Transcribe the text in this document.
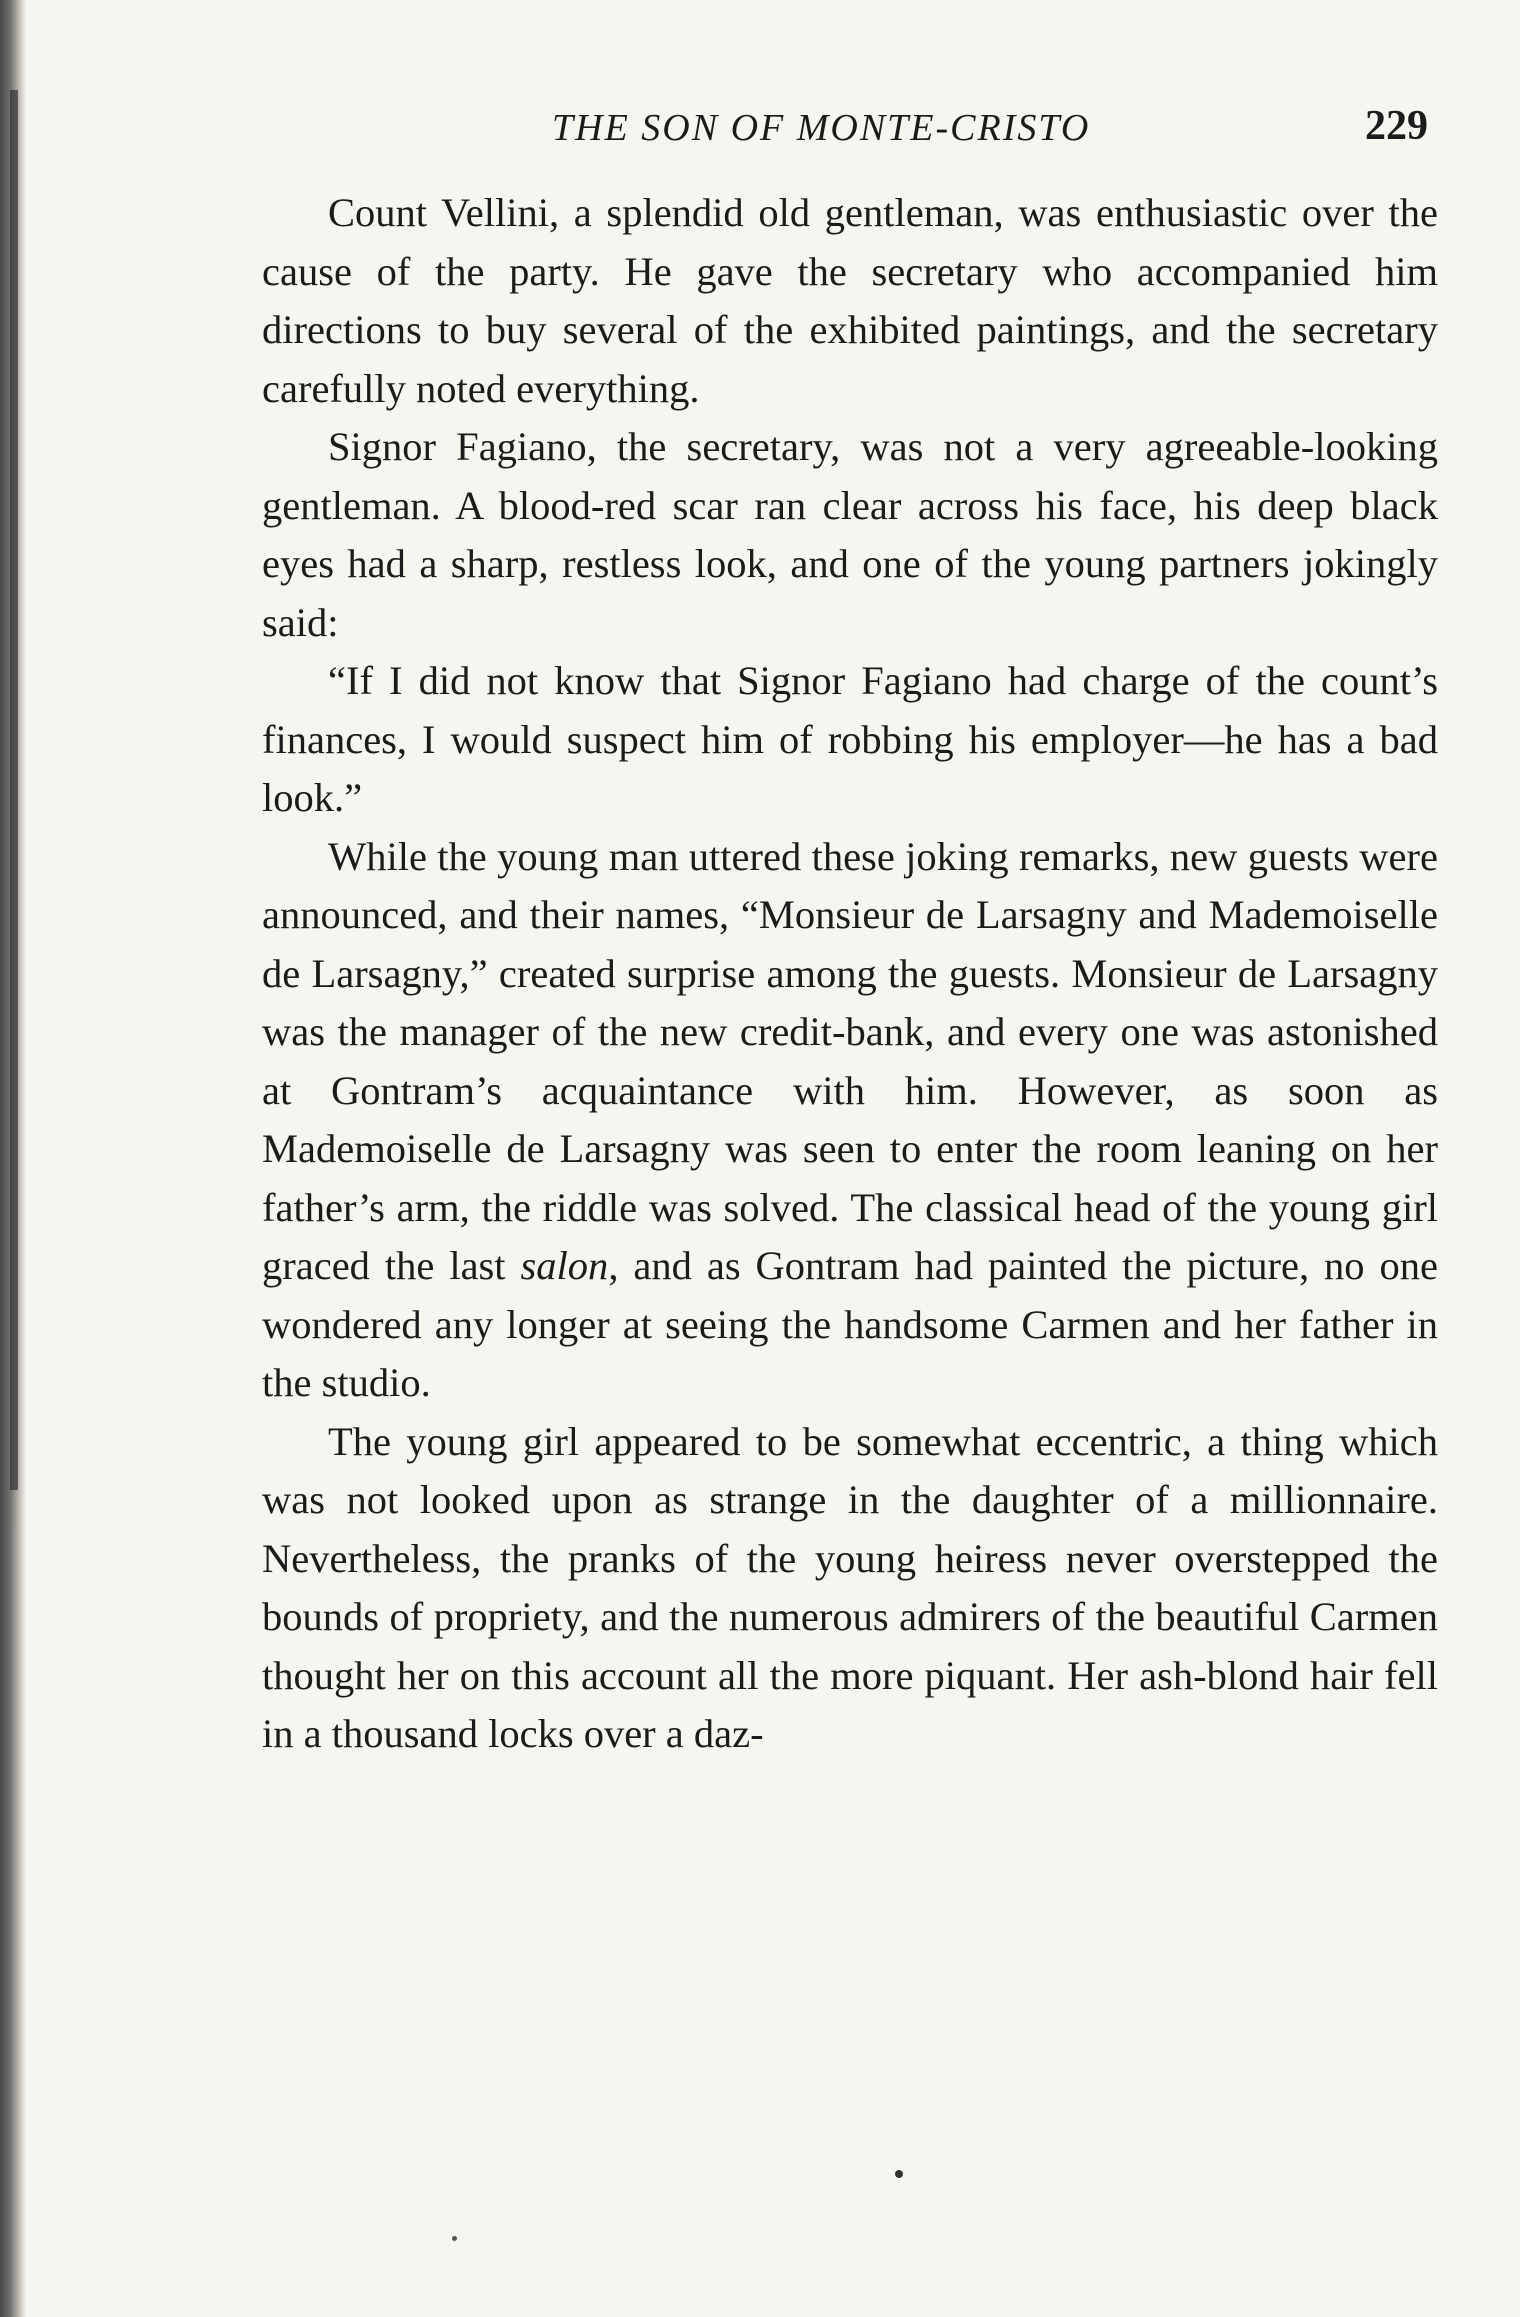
THE SON OF MONTE-CRISTO	229

Count Vellini, a splendid old gentleman, was enthusiastic over the cause of the party. He gave the secretary who accompanied him directions to buy several of the exhibited paintings, and the secretary carefully noted everything.

Signor Fagiano, the secretary, was not a very agreeable-looking gentleman. A blood-red scar ran clear across his face, his deep black eyes had a sharp, restless look, and one of the young partners jokingly said:

“If I did not know that Signor Fagiano had charge of the count’s finances, I would suspect him of robbing his employer—he has a bad look.”

While the young man uttered these joking remarks, new guests were announced, and their names, “Monsieur de Larsagny and Mademoiselle de Larsagny,” created surprise among the guests. Monsieur de Larsagny was the manager of the new credit-bank, and every one was astonished at Gontram’s acquaintance with him. However, as soon as Mademoiselle de Larsagny was seen to enter the room leaning on her father’s arm, the riddle was solved. The classical head of the young girl graced the last salon, and as Gontram had painted the picture, no one wondered any longer at seeing the handsome Carmen and her father in the studio.

The young girl appeared to be somewhat eccentric, a thing which was not looked upon as strange in the daughter of a millionnaire. Nevertheless, the pranks of the young heiress never overstepped the bounds of propriety, and the numerous admirers of the beautiful Carmen thought her on this account all the more piquant. Her ash-blond hair fell in a thousand locks over a daz-
